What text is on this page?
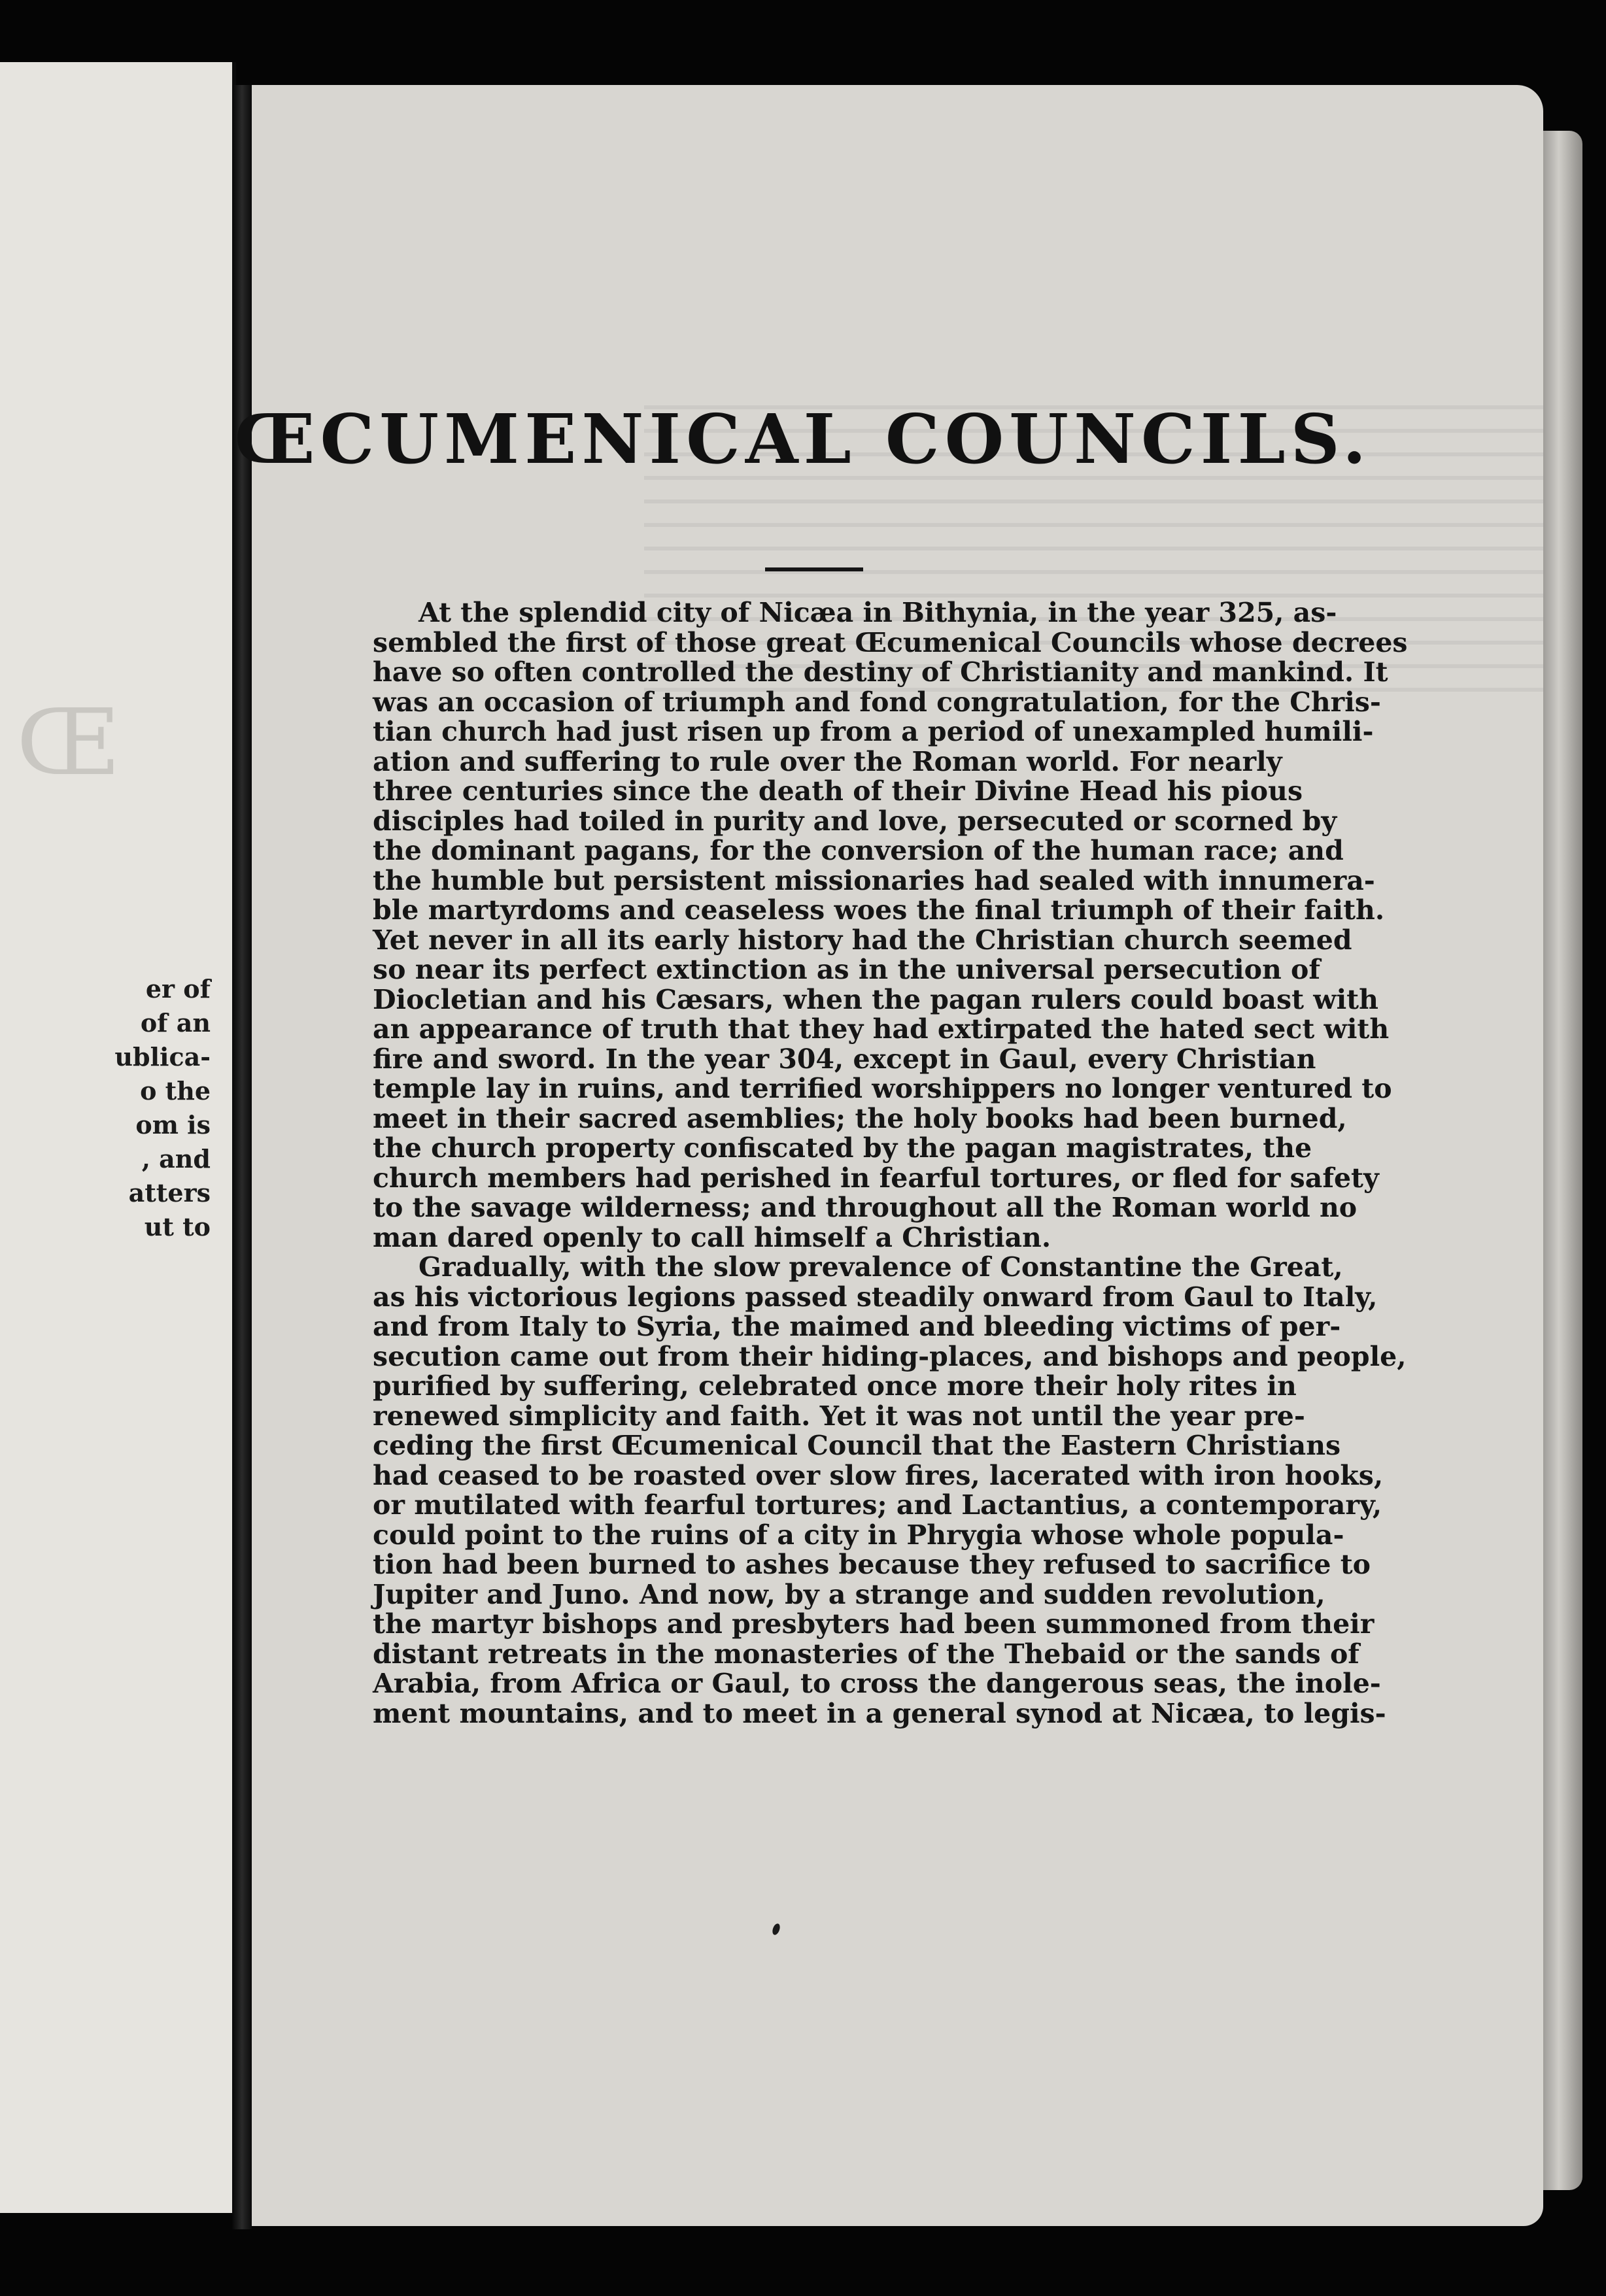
Œ
er of
of an
ublica-
o the
om is
, and
atters
ut to
ŒCUMENICAL COUNCILS.
At the splendid city of Nicæa in Bithynia, in the year 325, as-
sembled the first of those great Œcumenical Councils whose decrees
have so often controlled the destiny of Christianity and mankind. It
was an occasion of triumph and fond congratulation, for the Chris-
tian church had just risen up from a period of unexampled humili-
ation and suffering to rule over the Roman world. For nearly
three centuries since the death of their Divine Head his pious
disciples had toiled in purity and love, persecuted or scorned by
the dominant pagans, for the conversion of the human race; and
the humble but persistent missionaries had sealed with innumera-
ble martyrdoms and ceaseless woes the final triumph of their faith.
Yet never in all its early history had the Christian church seemed
so near its perfect extinction as in the universal persecution of
Diocletian and his Cæsars, when the pagan rulers could boast with
an appearance of truth that they had extirpated the hated sect with
fire and sword. In the year 304, except in Gaul, every Christian
temple lay in ruins, and terrified worshippers no longer ventured to
meet in their sacred asemblies; the holy books had been burned,
the church property confiscated by the pagan magistrates, the
church members had perished in fearful tortures, or fled for safety
to the savage wilderness; and throughout all the Roman world no
man dared openly to call himself a Christian.
Gradually, with the slow prevalence of Constantine the Great,
as his victorious legions passed steadily onward from Gaul to Italy,
and from Italy to Syria, the maimed and bleeding victims of per-
secution came out from their hiding-places, and bishops and people,
purified by suffering, celebrated once more their holy rites in
renewed simplicity and faith. Yet it was not until the year pre-
ceding the first Œcumenical Council that the Eastern Christians
had ceased to be roasted over slow fires, lacerated with iron hooks,
or mutilated with fearful tortures; and Lactantius, a contemporary,
could point to the ruins of a city in Phrygia whose whole popula-
tion had been burned to ashes because they refused to sacrifice to
Jupiter and Juno. And now, by a strange and sudden revolution,
the martyr bishops and presbyters had been summoned from their
distant retreats in the monasteries of the Thebaid or the sands of
Arabia, from Africa or Gaul, to cross the dangerous seas, the inole-
ment mountains, and to meet in a general synod at Nicæa, to legis-
